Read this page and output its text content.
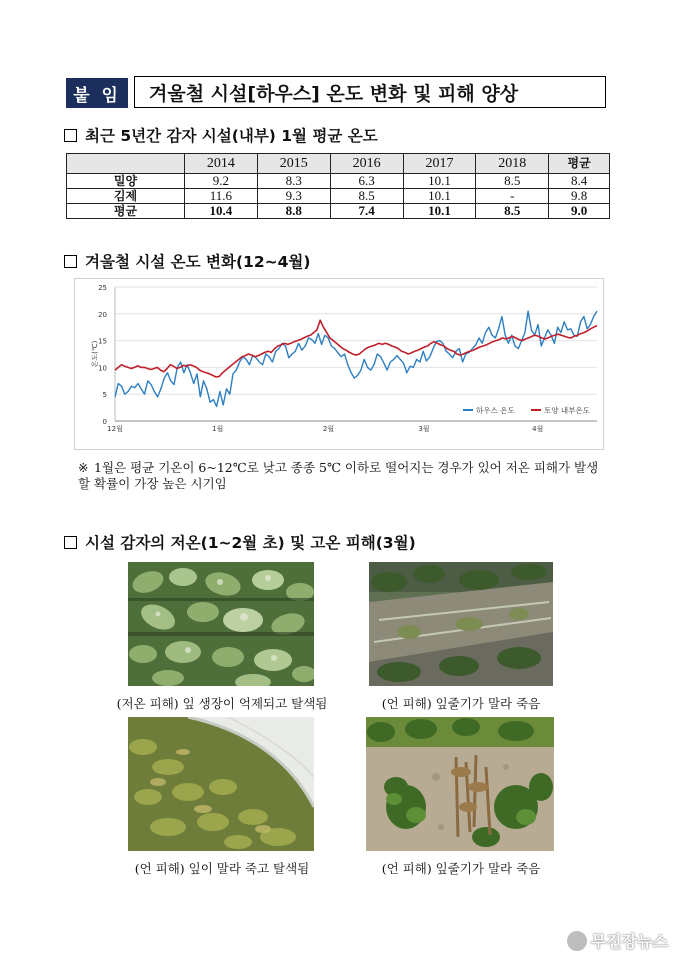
붙 임	겨울철 시설[하우스] 온도 변화 및 피해 양상
최근 5년간 감자 시설(내부) 1월 평균 온도
	2014	2015	2016	2017	2018	평균
밀양	9.2	8.3	6.3	10.1	8.5	8.4
김제	11.6	9.3	8.5	10.1	-	9.8
평균	10.4	8.8	7.4	10.1	8.5	9.0
겨울철 시설 온도 변화(12~4월)
0
5
10
15
20
25
12월	1월	2월	3월	4월
온도(℃)
하우스 온도	토양 내부온도
※ 1월은 평균 기온이 6~12℃로 낮고 종종 5℃ 이하로 떨어지는 경우가 있어 저온 피해가 발생할 확률이 가장 높은 시기임
시설 감자의 저온(1~2월 초) 및 고온 피해(3월)
(저온 피해) 잎 생장이 억제되고 탈색됨	(언 피해) 잎줄기가 말라 죽음
(언 피해) 잎이 말라 죽고 탈색됨	(언 피해) 잎줄기가 말라 죽음
무진장뉴스
